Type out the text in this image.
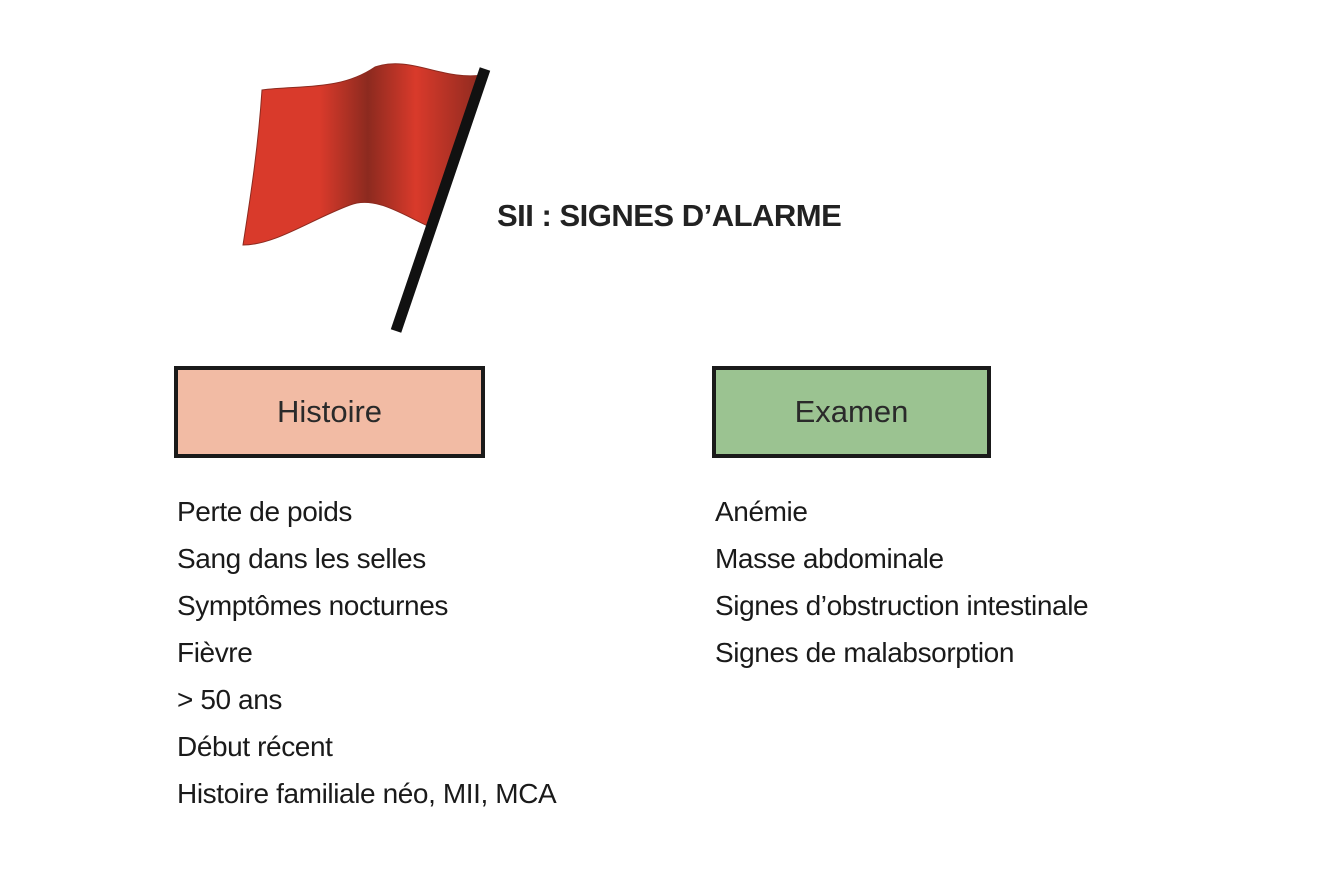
SII : SIGNES D’ALARME
Histoire	Examen
Perte de poids
Sang dans les selles
Symptômes nocturnes
Fièvre
> 50 ans
Début récent
Histoire familiale néo, MII, MCA
Anémie
Masse abdominale
Signes d’obstruction intestinale
Signes de malabsorption
